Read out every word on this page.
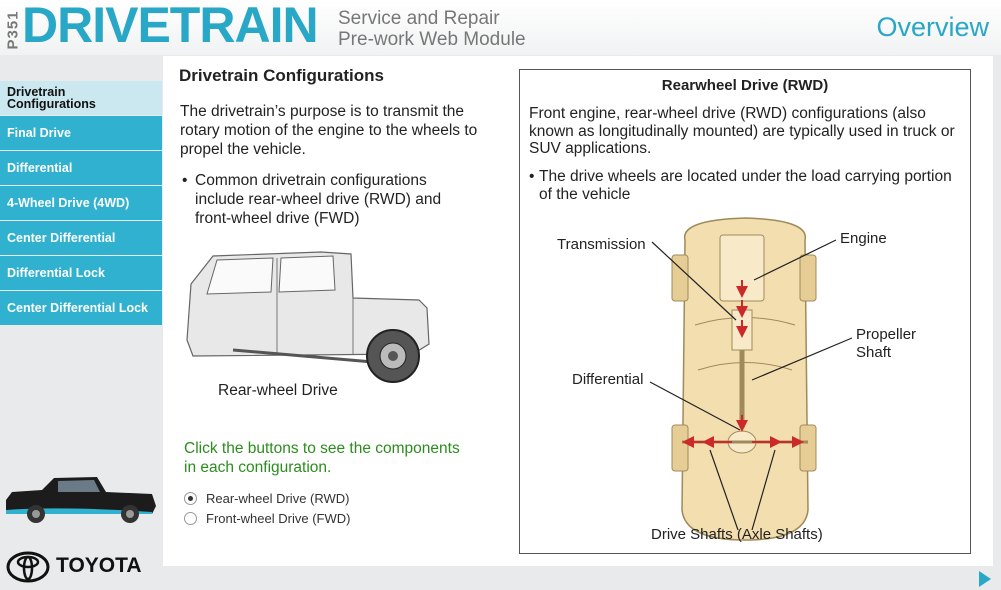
P351 DRIVETRAIN Service and Repair
Pre-work Web Module	Overview
Drivetrain Configurations
Final Drive
Differential
4-Wheel Drive (4WD)
Center Differential
Differential Lock
Center Differential Lock
TOYOTA
Drivetrain Configurations
The drivetrain’s purpose is to transmit the rotary motion of the engine to the wheels to propel the vehicle.
• Common drivetrain configurations include rear-wheel drive (RWD) and front-wheel drive (FWD)
Rear-wheel Drive
Click the buttons to see the components in each configuration.
Rear-wheel Drive (RWD)
Front-wheel Drive (FWD)
Rearwheel Drive (RWD)
Front engine, rear-wheel drive (RWD) configurations (also known as longitudinally mounted) are typically used in truck or SUV applications.
• The drive wheels are located under the load carrying portion of the vehicle
Transmission	Engine
Propeller
Shaft
Differential
Drive Shafts (Axle Shafts)
